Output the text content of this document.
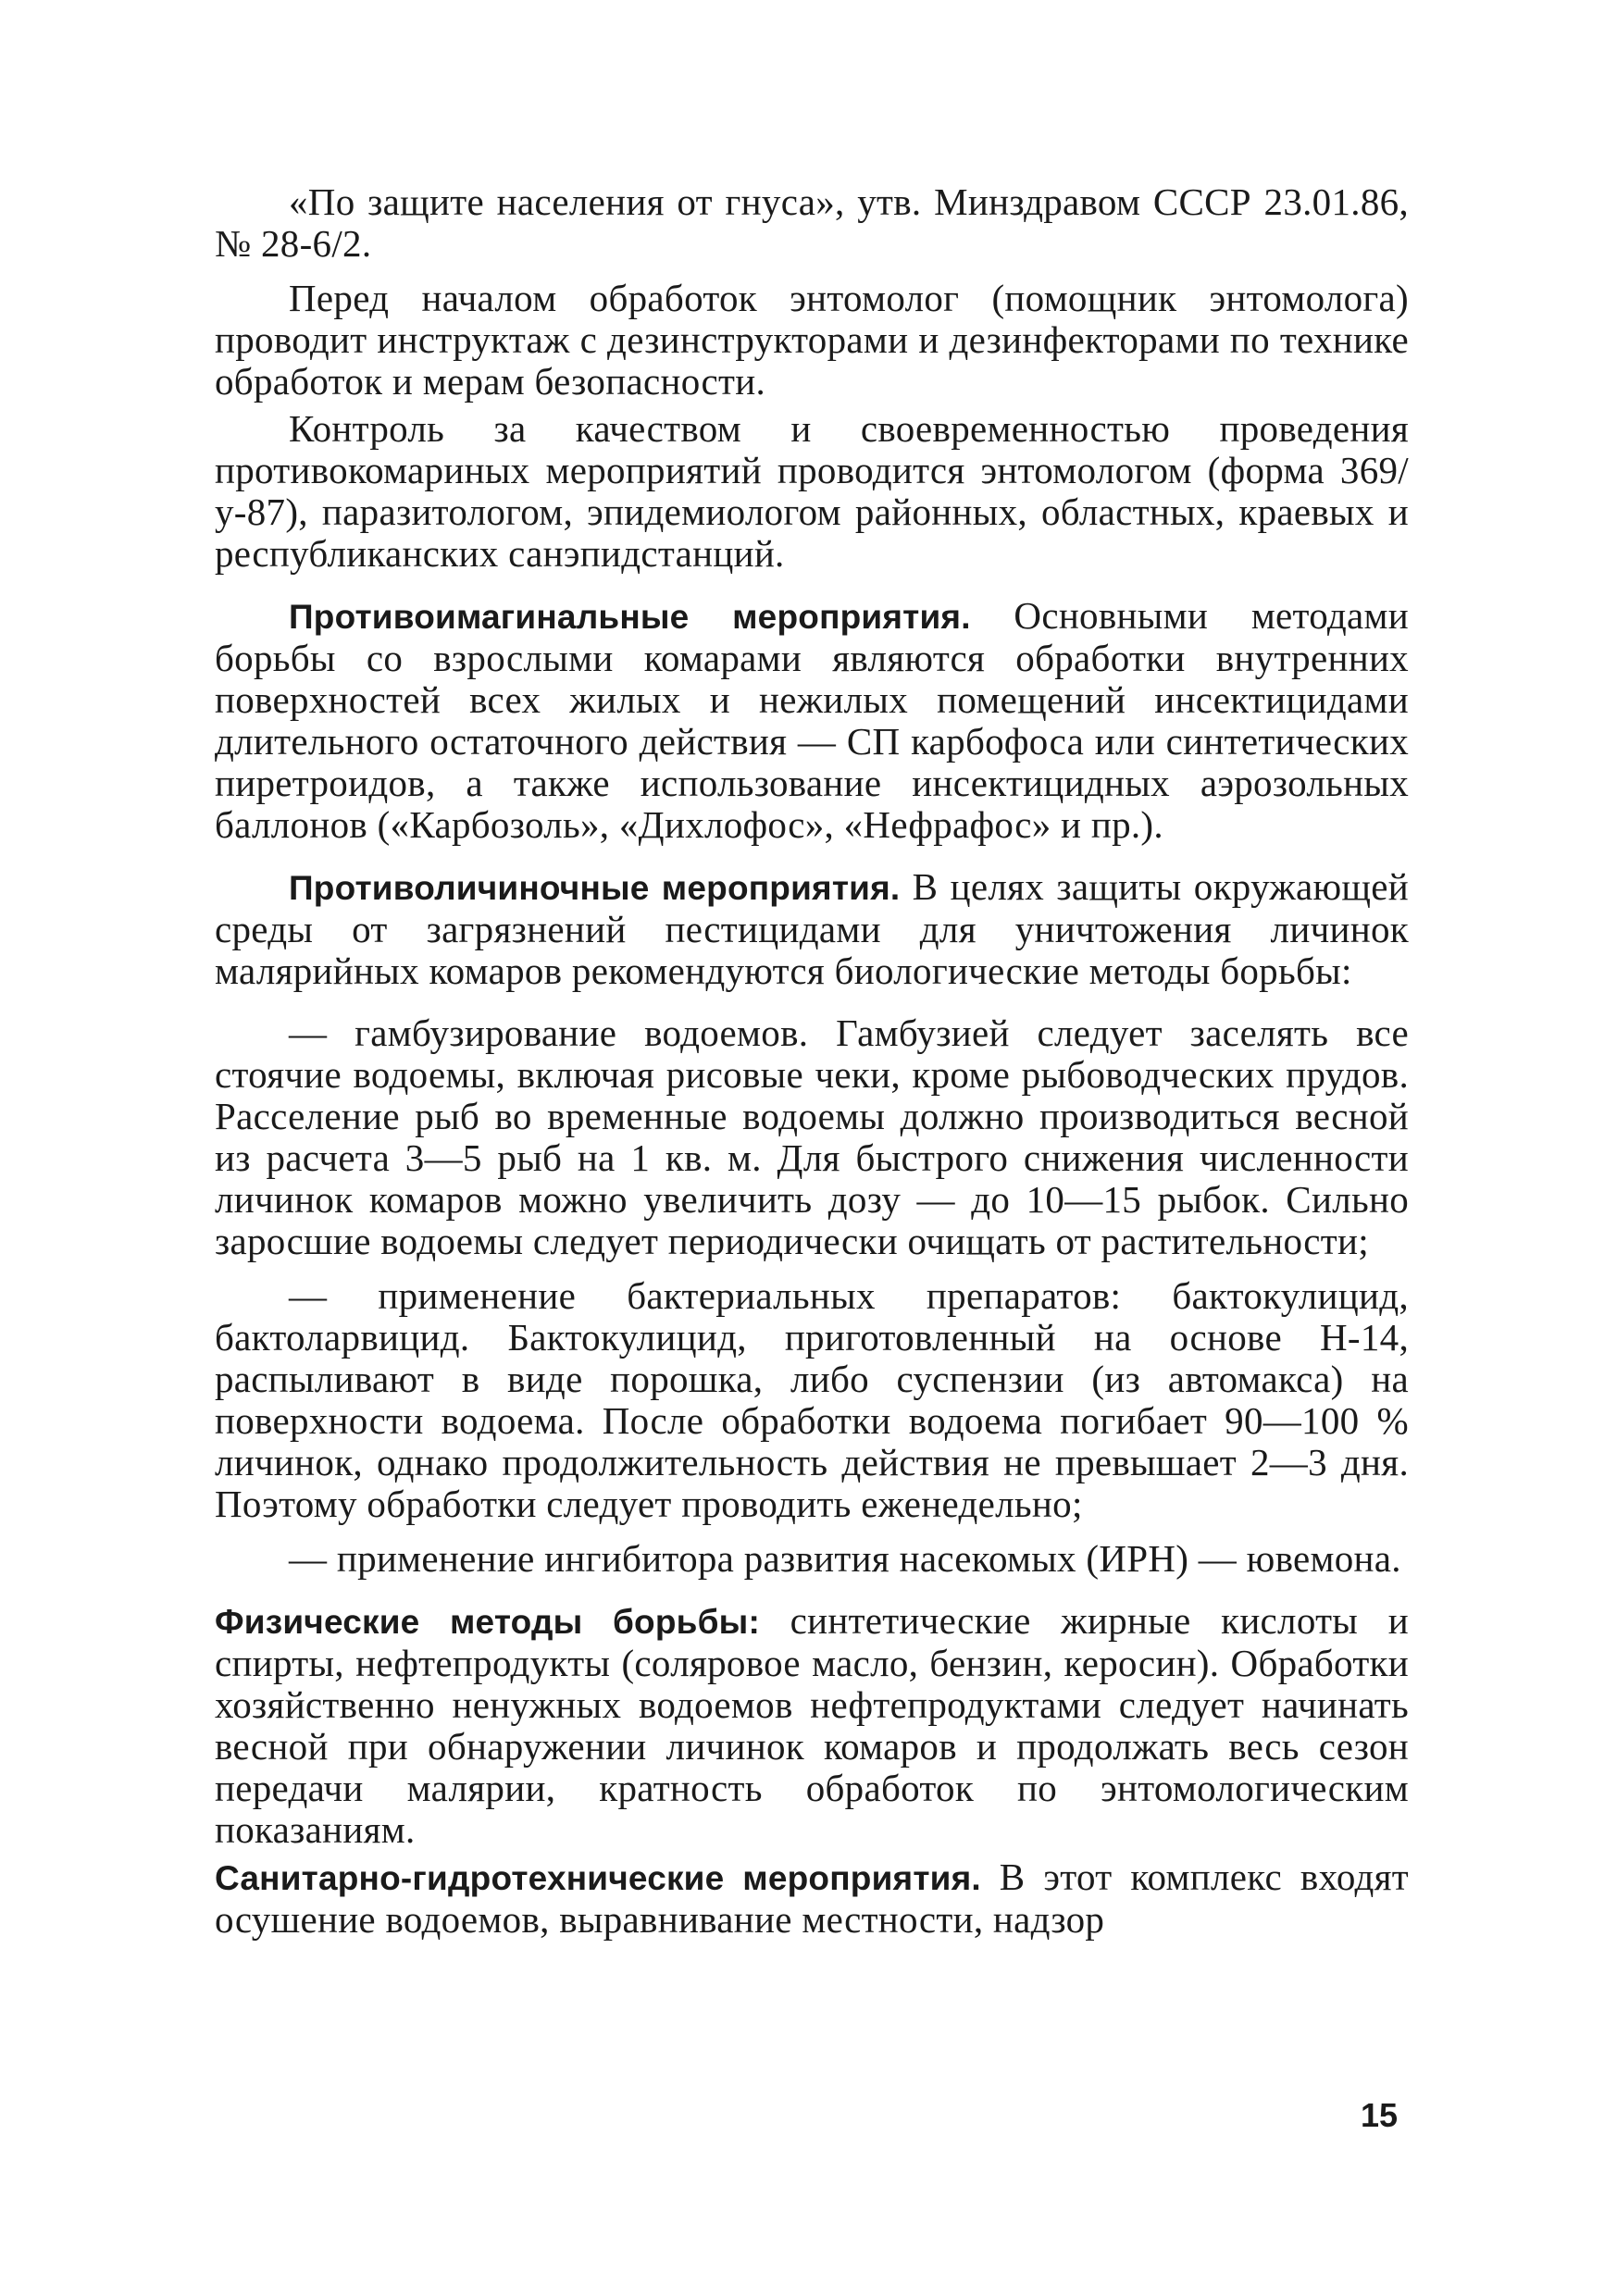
«По защите населения от гнуса», утв. Минздравом СССР 23.01.86, № 28-6/2.

Перед началом обработок энтомолог (помощник энтомолога) проводит инструктаж с дезинструкторами и дезинфекторами по технике обработок и мерам безопасности.

Контроль за качеством и своевременностью проведения противокомариных мероприятий проводится энтомологом (форма 369/у-87), паразитологом, эпидемиологом районных, областных, краевых и республиканских санэпидстанций.

Противоимагинальные мероприятия. Основными методами борьбы со взрослыми комарами являются обработки внутренних поверхностей всех жилых и нежилых помещений инсектицидами длительного остаточного действия — СП карбофоса или синтетических пиретроидов, а также использование инсектицидных аэрозольных баллонов («Карбозоль», «Дихлофос», «Нефрафос» и пр.).

Противоличиночные мероприятия. В целях защиты окружающей среды от загрязнений пестицидами для уничтожения личинок малярийных комаров рекомендуются биологические методы борьбы:

— гамбузирование водоемов. Гамбузией следует заселять все стоячие водоемы, включая рисовые чеки, кроме рыбоводческих прудов. Расселение рыб во временные водоемы должно производиться весной из расчета 3—5 рыб на 1 кв. м. Для быстрого снижения численности личинок комаров можно увеличить дозу — до 10—15 рыбок. Сильно заросшие водоемы следует периодически очищать от растительности;

— применение бактериальных препаратов: бактокулицид, бактоларвицид. Бактокулицид, приготовленный на основе Н-14, распыливают в виде порошка, либо суспензии (из автомакса) на поверхности водоема. После обработки водоема погибает 90—100 % личинок, однако продолжительность действия не превышает 2—3 дня. Поэтому обработки следует проводить еженедельно;

— применение ингибитора развития насекомых (ИРН) — ювемона.

Физические методы борьбы: синтетические жирные кислоты и спирты, нефтепродукты (соляровое масло, бензин, керосин). Обработки хозяйственно ненужных водоемов нефтепродуктами следует начинать весной при обнаружении личинок комаров и продолжать весь сезон передачи малярии, кратность обработок по энтомологическим показаниям.

Санитарно-гидротехнические мероприятия. В этот комплекс входят осушение водоемов, выравнивание местности, надзор

15
